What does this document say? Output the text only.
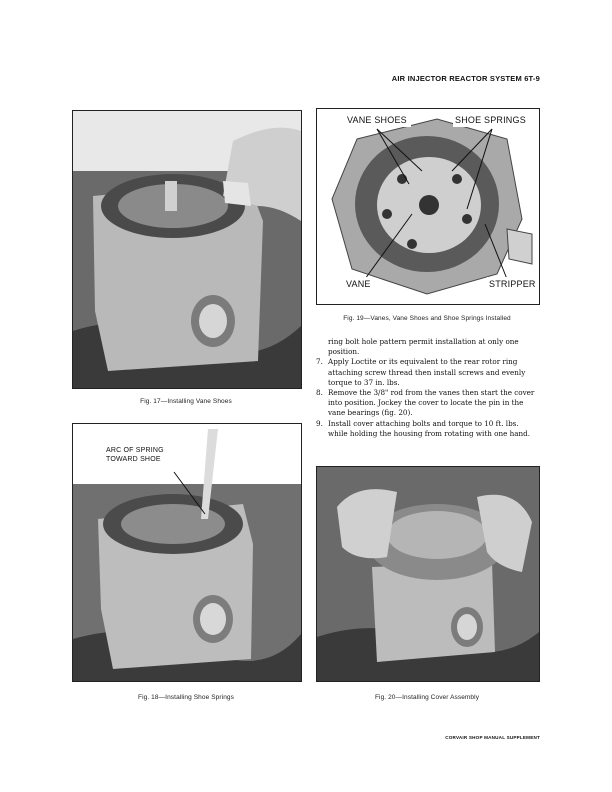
AIR INJECTOR REACTOR SYSTEM 6T-9
Fig. 17—Installing Vane Shoes
VANE SHOES	SHOE SPRINGS
VANE	STRIPPER
Fig. 19—Vanes, Vane Shoes and Shoe Springs Installed

ring bolt hole pattern permit installation at only one position.

7. Apply Loctite or its equivalent to the rear rotor ring attaching screw thread then install screws and evenly torque to 37 in. lbs.
8. Remove the 3/8" rod from the vanes then start the cover into position. Jockey the cover to locate the pin in the vane bearings (fig. 20).
9. Install cover attaching bolts and torque to 10 ft. lbs. while holding the housing from rotating with one hand.
ARC OF SPRING
TOWARD SHOE
Fig. 18—Installing Shoe Springs	Fig. 20—Installing Cover Assembly
CORVAIR SHOP MANUAL SUPPLEMENT
